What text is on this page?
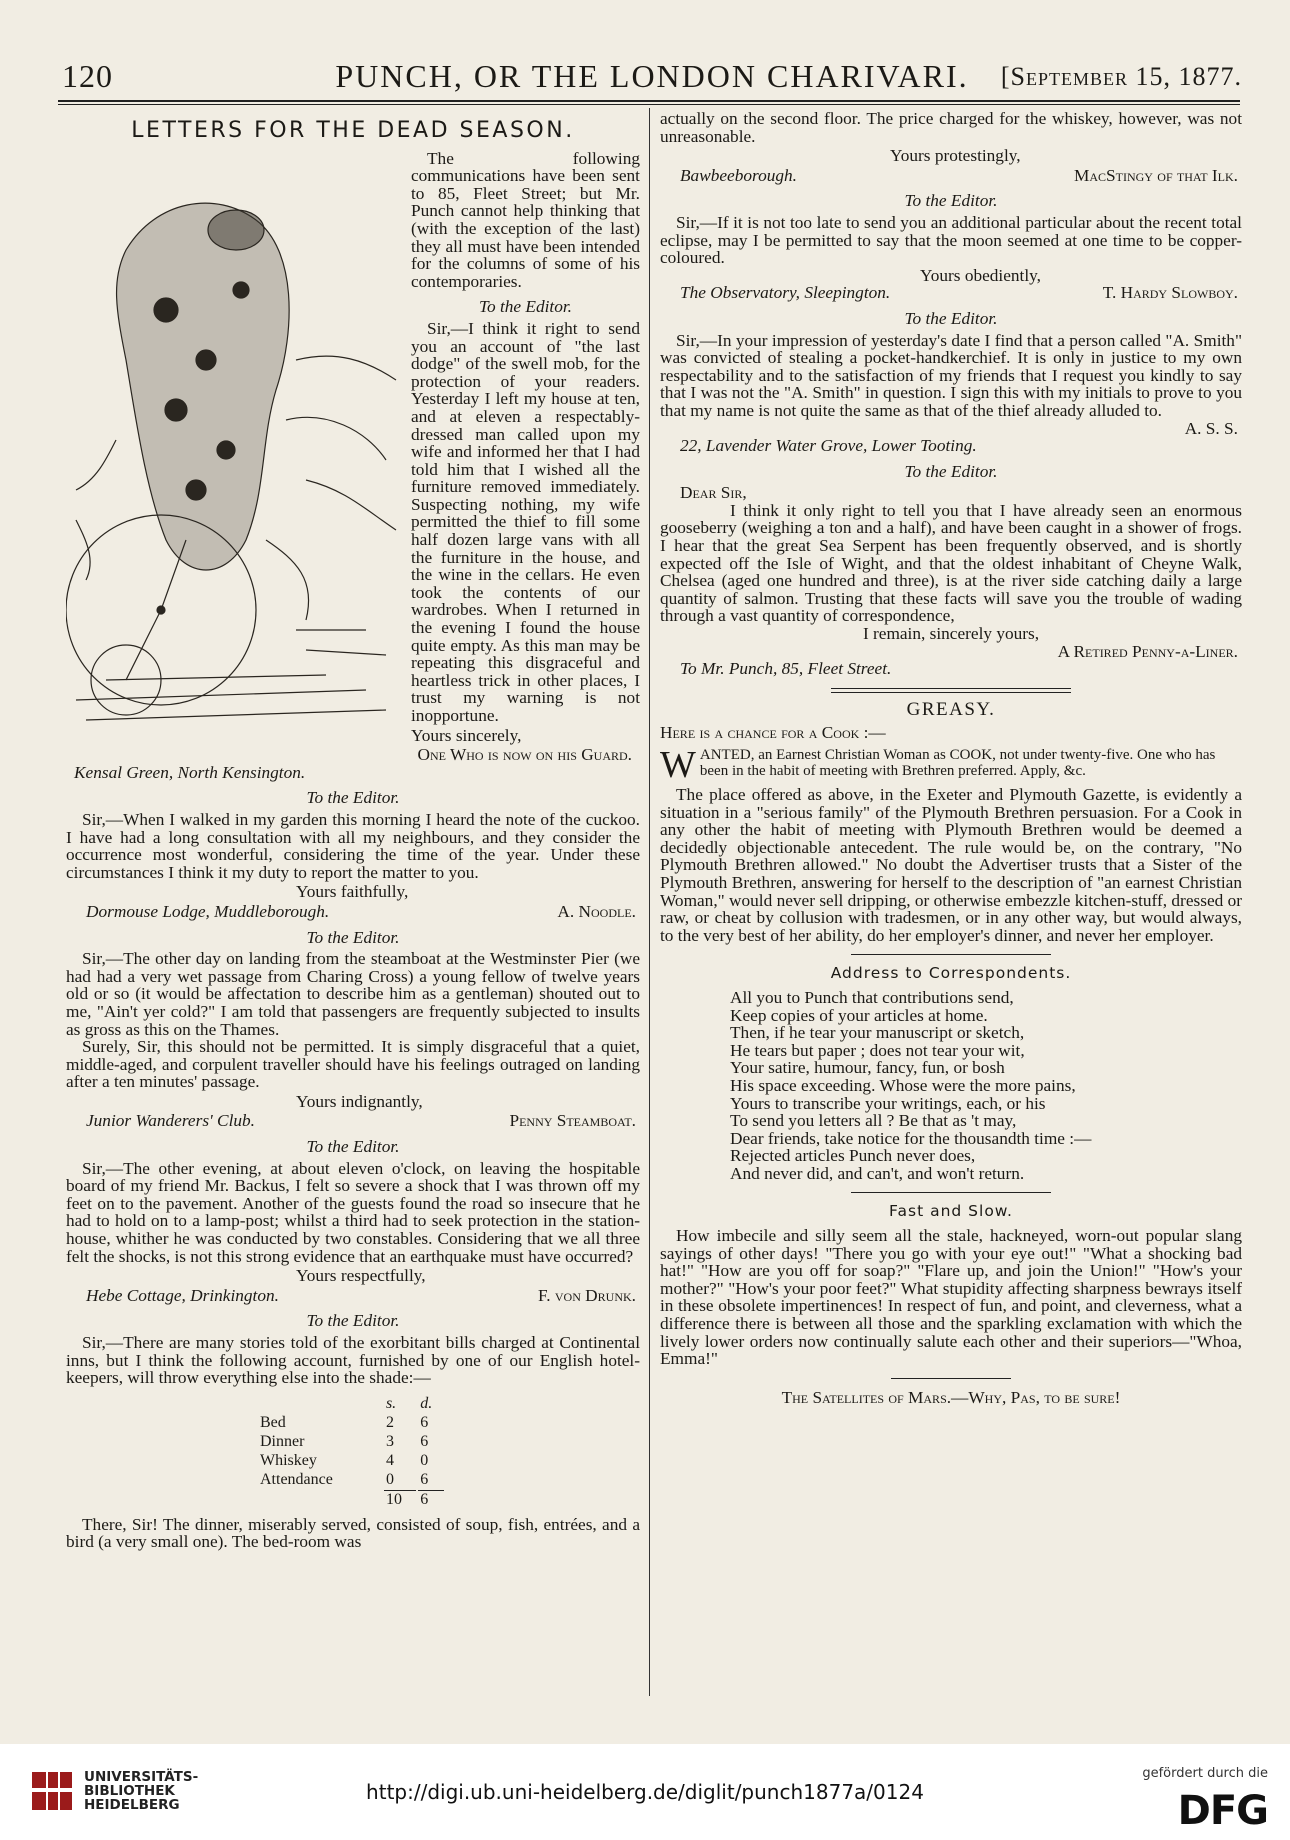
120	PUNCH, OR THE LONDON CHARIVARI.	[September 15, 1877.
LETTERS FOR THE DEAD SEASON.

The following communications have been sent to 85, Fleet Street; but Mr. Punch cannot help thinking that (with the exception of the last) they all must have been intended for the columns of some of his contemporaries.

To the Editor.

Sir,—I think it right to send you an account of "the last dodge" of the swell mob, for the protection of your readers. Yesterday I left my house at ten, and at eleven a respectably-dressed man called upon my wife and informed her that I had told him that I wished all the furniture removed immediately. Suspecting nothing, my wife permitted the thief to fill some half dozen large vans with all the furniture in the house, and the wine in the cellars. He even took the contents of our wardrobes. When I returned in the evening I found the house quite empty. As this man may be repeating this disgraceful and heartless trick in other places, I trust my warning is not inopportune.

Yours sincerely,
One Who is now on his Guard.
Kensal Green, North Kensington.
To the Editor.

Sir,—When I walked in my garden this morning I heard the note of the cuckoo. I have had a long consultation with all my neighbours, and they consider the occurrence most wonderful, considering the time of the year. Under these circumstances I think it my duty to report the matter to you.

Yours faithfully,
Dormouse Lodge, Muddleborough.	A. Noodle.
To the Editor.

Sir,—The other day on landing from the steamboat at the Westminster Pier (we had had a very wet passage from Charing Cross) a young fellow of twelve years old or so (it would be affectation to describe him as a gentleman) shouted out to me, "Ain't yer cold?" I am told that passengers are frequently subjected to insults as gross as this on the Thames.

Surely, Sir, this should not be permitted. It is simply disgraceful that a quiet, middle-aged, and corpulent traveller should have his feelings outraged on landing after a ten minutes' passage.

Yours indignantly,
Junior Wanderers' Club.	Penny Steamboat.
To the Editor.

Sir,—The other evening, at about eleven o'clock, on leaving the hospitable board of my friend Mr. Backus, I felt so severe a shock that I was thrown off my feet on to the pavement. Another of the guests found the road so insecure that he had to hold on to a lamp-post; whilst a third had to seek protection in the station-house, whither he was conducted by two constables. Considering that we all three felt the shocks, is not this strong evidence that an earthquake must have occurred?

Yours respectfully,
Hebe Cottage, Drinkington.	F. von Drunk.
To the Editor.

Sir,—There are many stories told of the exorbitant bills charged at Continental inns, but I think the following account, furnished by one of our English hotel-keepers, will throw everything else into the shade:—

	s.	d.
Bed	2	6
Dinner	3	6
Whiskey	4	0
Attendance	0	6
	10	6

There, Sir! The dinner, miserably served, consisted of soup, fish, entrées, and a bird (a very small one). The bed-room was

actually on the second floor. The price charged for the whiskey, however, was not unreasonable.

Yours protestingly,
Bawbeeborough.	MacStingy of that Ilk.
To the Editor.

Sir,—If it is not too late to send you an additional particular about the recent total eclipse, may I be permitted to say that the moon seemed at one time to be copper-coloured.

Yours obediently,
The Observatory, Sleepington.	T. Hardy Slowboy.
To the Editor.

Sir,—In your impression of yesterday's date I find that a person called "A. Smith" was convicted of stealing a pocket-handkerchief. It is only in justice to my own respectability and to the satisfaction of my friends that I request you kindly to say that I was not the "A. Smith" in question. I sign this with my initials to prove to you that my name is not quite the same as that of the thief already alluded to.

A. S. S.
22, Lavender Water Grove, Lower Tooting.
To the Editor.
Dear Sir,

I think it only right to tell you that I have already seen an enormous gooseberry (weighing a ton and a half), and have been caught in a shower of frogs. I hear that the great Sea Serpent has been frequently observed, and is shortly expected off the Isle of Wight, and that the oldest inhabitant of Cheyne Walk, Chelsea (aged one hundred and three), is at the river side catching daily a large quantity of salmon. Trusting that these facts will save you the trouble of wading through a vast quantity of correspondence,

I remain, sincerely yours,
A Retired Penny-a-Liner.
To Mr. Punch, 85, Fleet Street.
GREASY.
Here is a chance for a Cook :—
W ANTED, an Earnest Christian Woman as COOK, not under twenty-five. One who has been in the habit of meeting with Brethren preferred. Apply, &c.

The place offered as above, in the Exeter and Plymouth Gazette, is evidently a situation in a "serious family" of the Plymouth Brethren persuasion. For a Cook in any other the habit of meeting with Plymouth Brethren would be deemed a decidedly objectionable antecedent. The rule would be, on the contrary, "No Plymouth Brethren allowed." No doubt the Advertiser trusts that a Sister of the Plymouth Brethren, answering for herself to the description of "an earnest Christian Woman," would never sell dripping, or otherwise embezzle kitchen-stuff, dressed or raw, or cheat by collusion with tradesmen, or in any other way, but would always, to the very best of her ability, do her employer's dinner, and never her employer.

Address to Correspondents.
All you to Punch that contributions send,
Keep copies of your articles at home.
Then, if he tear your manuscript or sketch,
He tears but paper ; does not tear your wit,
Your satire, humour, fancy, fun, or bosh
His space exceeding. Whose were the more pains,
Yours to transcribe your writings, each, or his
To send you letters all ? Be that as 't may,
Dear friends, take notice for the thousandth time :—
Rejected articles Punch never does,
And never did, and can't, and won't return.
Fast and Slow.

How imbecile and silly seem all the stale, hackneyed, worn-out popular slang sayings of other days! "There you go with your eye out!" "What a shocking bad hat!" "How are you off for soap?" "Flare up, and join the Union!" "How's your mother?" "How's your poor feet?" What stupidity affecting sharpness bewrays itself in these obsolete impertinences! In respect of fun, and point, and cleverness, what a difference there is between all those and the sparkling exclamation with which the lively lower orders now continually salute each other and their superiors—"Whoa, Emma!"

The Satellites of Mars.—Why, Pas, to be sure!
UNIVERSITÄTS-
BIBLIOTHEK
HEIDELBERG
http://digi.ub.uni-heidelberg.de/diglit/punch1877a/0124
gefördert durch die
DFG
